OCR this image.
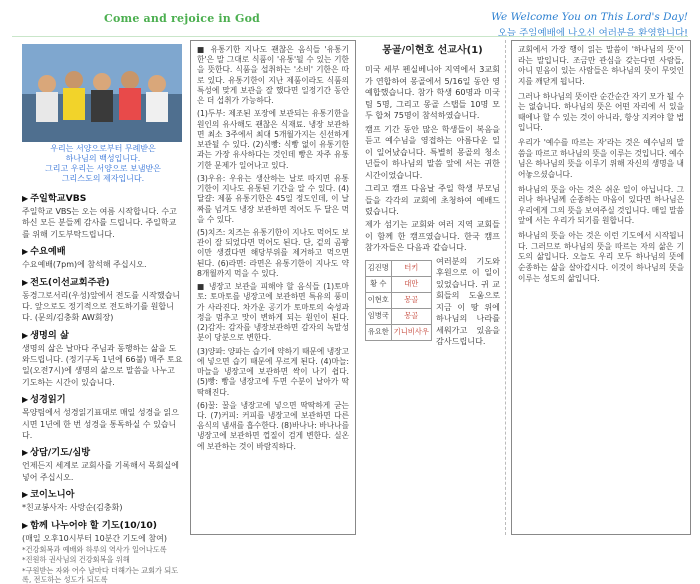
Come and rejoice in God	We Welcome You on This Lord's Day!
오늘 주일예배에 나오신 여러분을 환영합니다!
우리는 서양으로부터 무례받은
하나님의 백성입니다.
그리고 우리는 서양으로 보냄받은
그리스도의 제자입니다.
▶ 주일학교VBS

주일학교 VBS는 오는 여름 시작합니다. 수고하신 모든 분들께 감사를 드립니다. 주일학교를 위해 기도부탁드립니다.

▶ 수요예배

수요예배(7pm)에 참석해 주십시오.

▶ 전도(이선교회주관)

동경그로서리(우성)앞에서 전도를 시작했습니다. 앞으로도 정기적으로 전도하기를 원합니다. (문의/김충화 AW회장)

▶ 생명의 삶

생명의 삶은 날마다 주님과 동행하는 삶을 도와드립니다. (정기구독 1년에 66불) 매주 토요일(오전7시)에 생명의 삶으로 말씀을 나누고 기도하는 시간이 있습니다.

▶ 성경읽기

목양팀에서 성경읽기표대로 매일 성경을 읽으시면 1년에 한 번 성경을 통독하실 수 있습니다.

▶ 상담/기도/심방

언제든지 세계로 교회사를 기록해서 목회실에 넣어 주십시오.

▶ 코이노니아

*친교봉사자: 사랑순(김충화)

▶ 함께 나누어야 할 기도(10/10)

(매일 오후10시부터 10분간 기도에 참여)

*건강회복과 예배와 하루의 역사가 일어나도록

*진원하 권사님의 건강회복을 위해

*구원받는 자와 어수 날마다 더해가는 교회가 되도록, 전도하는 성도가 되도록

■ 유통기한 지나도 괜찮은 음식들 '유통기한'은 말 그대로 식품이 '유통'될 수 있는 기한을 뜻한다. 식품을 섭취하는 '소비' 기한은 따로 있다. 유통기한이 지난 제품이라도 식품의 특성에 맞게 보관을 잘 했다면 일정기간 동안은 더 섭취가 가능하다.

(1)두부: 제조된 포장에 보관되는 유통기한을 원인의 유사해도 괜찮은 식재료. 냉장 보관하면 최소 3주에서 최대 5개월가지는 신선하게 보관될 수 있다. (2)식빵: 식빵 없이 유통기한과는 가장 유사하다는 것인데 빵은 자주 유통기한 문제가 일어나고 있다.

(3)우유: 우유는 생산하는 날로 따지면 유통 기한이 지나도 유통된 기간을 알 수 있다. (4)달걀: 제품 유통기한은 45일 정도인데, 이 날짜를 넘겨도 냉장 보관하면 적어도 두 달은 먹을 수 있다.

(5)치즈: 치즈는 유통기한이 지나도 먹어도 보관이 잘 되었다면 먹어도 된다. 단, 겉의 곰팡이만 생겼다면 해당부위를 제거하고 먹으면 된다. (6)라면: 라면은 유통기한이 지나도 약 8개월까지 먹을 수 있다.

■ 냉장고 보관을 피해야 할 음식들 (1)토마토: 토마토를 냉장고에 보관하면 특유의 풍미가 사라진다. 차가운 공기가 토마토의 숙성과정을 멈추고 맛이 변하게 되는 원인이 된다. (2)감자: 감자를 냉장보관하면 감자의 녹말성분이 당분으로 변한다.

(3)양파: 양파는 습기에 약하기 때문에 냉장고에 넣으면 습기 때문에 무르게 된다. (4)마늘: 마늘을 냉장고에 보관하면 싹이 나기 쉽다. (5)빵: 빵을 냉장고에 두면 수분이 날아가 딱딱해진다.

(6)꿀: 꿀을 냉장고에 넣으면 딱딱하게 굳는다. (7)커피: 커피를 냉장고에 보관하면 다른 음식의 냄새를 흡수한다. (8)바나나: 바나나를 냉장고에 보관하면 껍질이 검게 변한다. 실온에 보관하는 것이 바람직하다.

몽골/이현호 선교사(1)

미국 세부 펜실베니아 지역에서 3교회가 연합하여 몽골에서 5/16일 동안 영예합했습니다. 참가 학생 60명과 미국 팀 5명, 그리고 몽골 스탭들 10명 모두 합쳐 75명이 참석하였습니다.

캠프 기간 동안 많은 학생들이 복음을 듣고 예수님을 영접하는 아름다운 일이 일어났습니다. 특별히 몽골의 청소년들이 하나님의 말씀 앞에 서는 귀한 시간이었습니다.

그리고 캠프 다음날 주일 학생 부모님들을 각각의 교회에 초청하여 예배드렸습니다.

제가 섬기는 교회와 여러 지역 교회들이 함께 한 캠프였습니다. 한국 캠프 참가자들은 다음과 같습니다.

김진명	터키
황 수	대만
이현호	몽골
임병국	몽골
유요한	기니비사우

여러분의 기도와 후원으로 이 일이 있었습니다. 귀 교회들의 도움으로 지금 이 땅 위에 하나님의 나라를 세워가고 있음을 감사드립니다.

교회에서 가장 행이 읽는 말씀이 '하나님의 뜻'이라는 말입니다. 조금만 관심을 갖는다면 사람들, 아니 믿음이 있는 사람들은 하나님의 뜻이 무엇인지를 깨닫게 됩니다.

그러나 하나님의 뜻이란 순간순간 자기 모가 될 수는 없습니다. 하나님의 뜻은 어떤 자리에 서 있을 때에나 할 수 있는 것이 아니라, 항상 지켜야 할 법입니다.

우리가 '예수를 따르는 자'라는 것은 예수님의 말씀을 따르고 하나님의 뜻을 이루는 것입니다. 예수님은 하나님의 뜻을 이루기 위해 자신의 생명을 내어놓으셨습니다.

하나님의 뜻을 아는 것은 쉬운 일이 아닙니다. 그러나 하나님께 순종하는 마음이 있다면 하나님은 우리에게 그의 뜻을 보여주실 것입니다. 매일 말씀 앞에 서는 우리가 되기를 원합니다.

하나님의 뜻을 아는 것은 이런 기도에서 시작됩니다. 그러므로 하나님의 뜻을 따르는 자의 삶은 기도의 삶입니다. 오늘도 우리 모두 하나님의 뜻에 순종하는 삶을 살아갑시다. 이것이 하나님의 뜻을 이루는 성도의 삶입니다.
